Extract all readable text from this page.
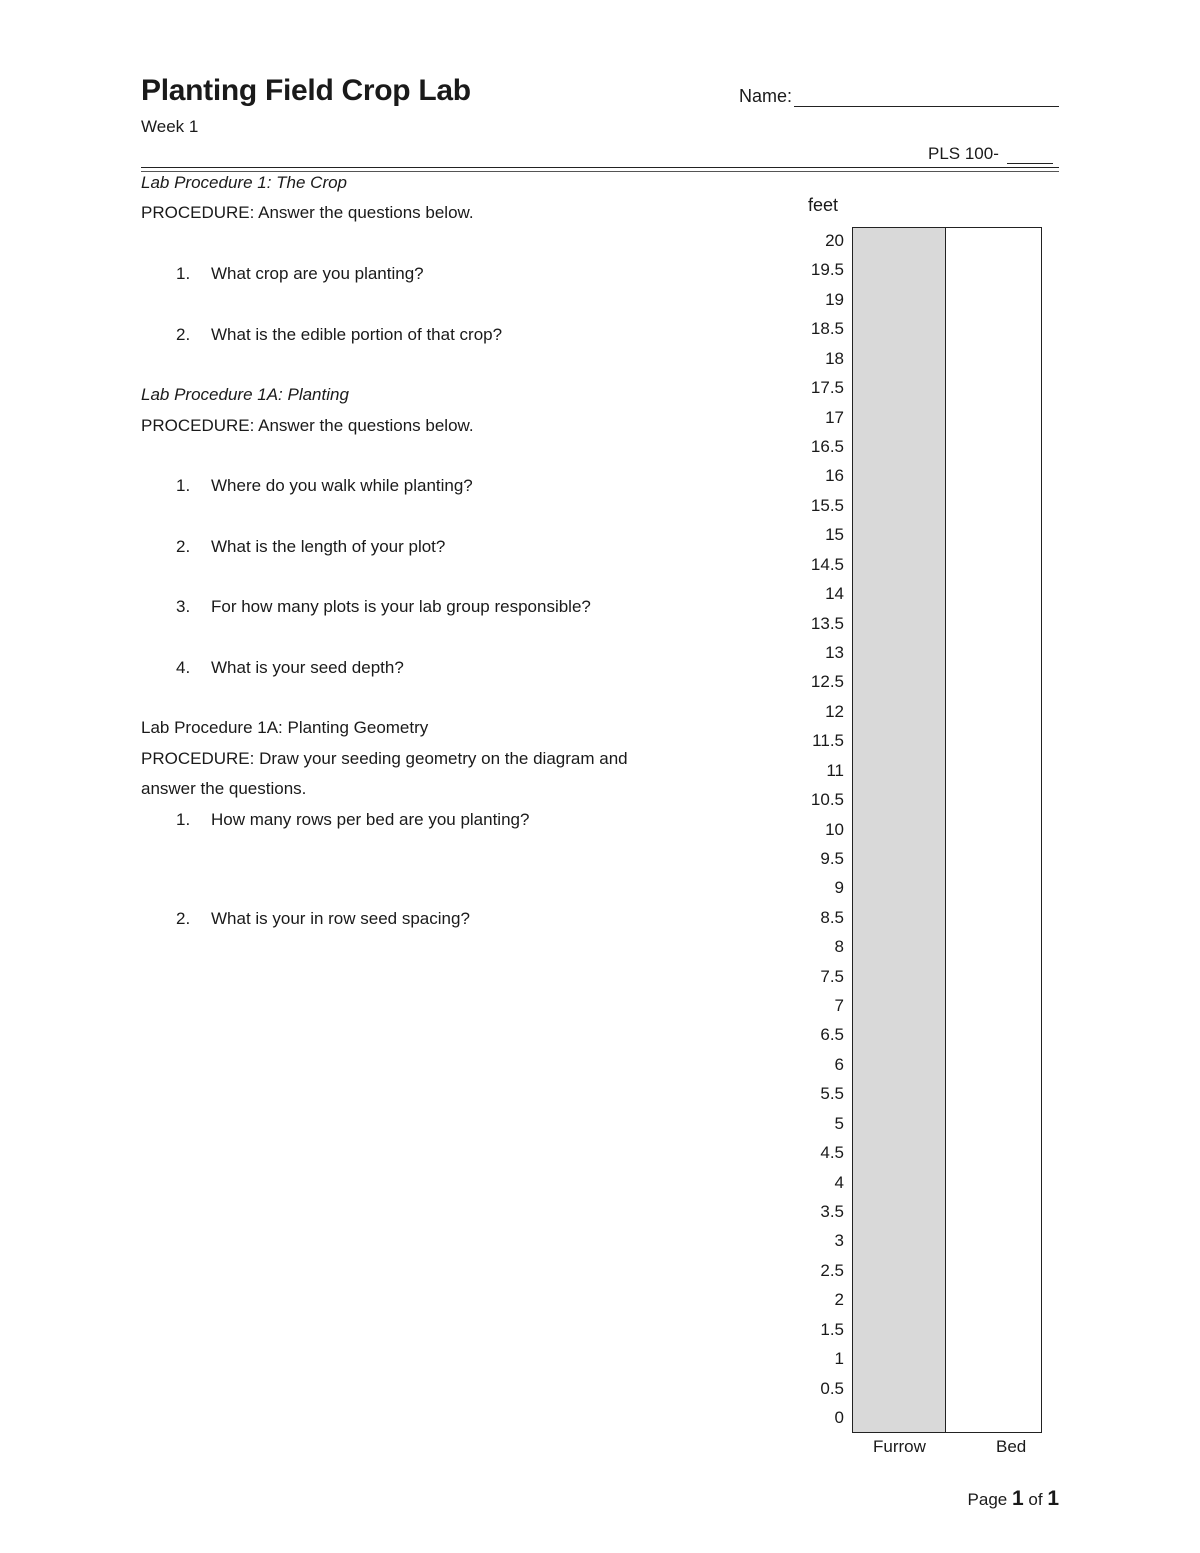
Planting Field Crop Lab
Week 1
Name:
PLS 100-
Lab Procedure 1: The Crop
PROCEDURE: Answer the questions below.
1. What crop are you planting?
2. What is the edible portion of that crop?
Lab Procedure 1A: Planting
PROCEDURE: Answer the questions below.
1. Where do you walk while planting?
2. What is the length of your plot?
3. For how many plots is your lab group responsible?
4. What is your seed depth?
Lab Procedure 1A: Planting Geometry
PROCEDURE: Draw your seeding geometry on the diagram and
answer the questions.
1. How many rows per bed are you planting?
2. What is your in row seed spacing?
feet
20
19.5
19
18.5
18
17.5
17
16.5
16
15.5
15
14.5
14
13.5
13
12.5
12
11.5
11
10.5
10
9.5
9
8.5
8
7.5
7
6.5
6
5.5
5
4.5
4
3.5
3
2.5
2
1.5
1
0.5
0
Furrow	Bed
Page 1 of 1
